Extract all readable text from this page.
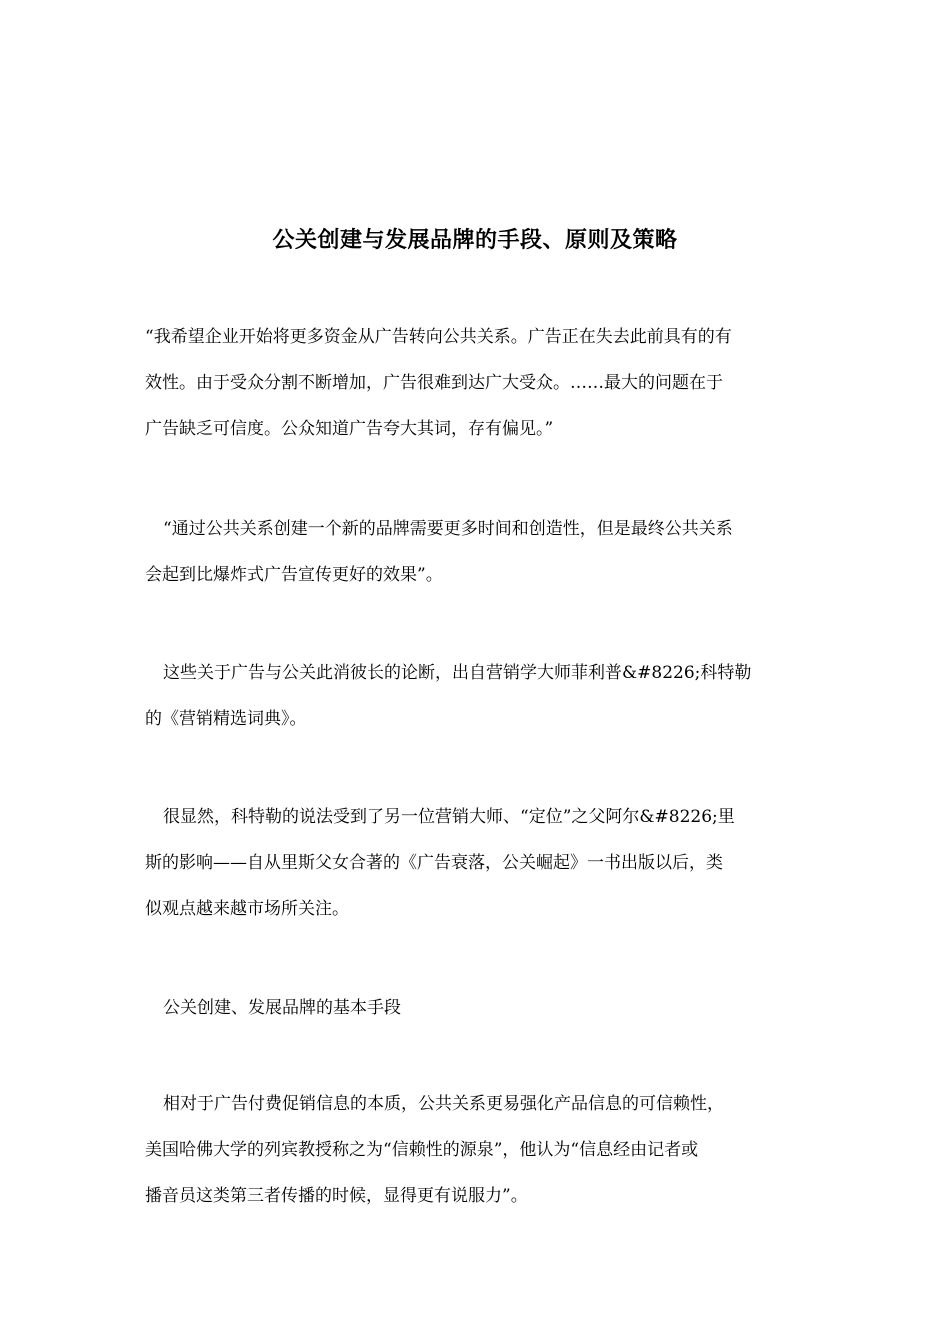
公关创建与发展品牌的手段、原则及策略
“我希望企业开始将更多资金从广告转向公共关系。广告正在失去此前具有的有
效性。由于受众分割不断增加，广告很难到达广大受众。……最大的问题在于
广告缺乏可信度。公众知道广告夸大其词，存有偏见。”
“通过公共关系创建一个新的品牌需要更多时间和创造性，但是最终公共关系
会起到比爆炸式广告宣传更好的效果”。
这些关于广告与公关此消彼长的论断，出自营销学大师菲利普&#8226;科特勒
的《营销精选词典》。
很显然，科特勒的说法受到了另一位营销大师、“定位”之父阿尔&#8226;里
斯的影响——自从里斯父女合著的《广告衰落，公关崛起》一书出版以后，类
似观点越来越市场所关注。
公关创建、发展品牌的基本手段
相对于广告付费促销信息的本质，公共关系更易强化产品信息的可信赖性，
美国哈佛大学的列宾教授称之为“信赖性的源泉”，他认为“信息经由记者或
播音员这类第三者传播的时候，显得更有说服力”。
